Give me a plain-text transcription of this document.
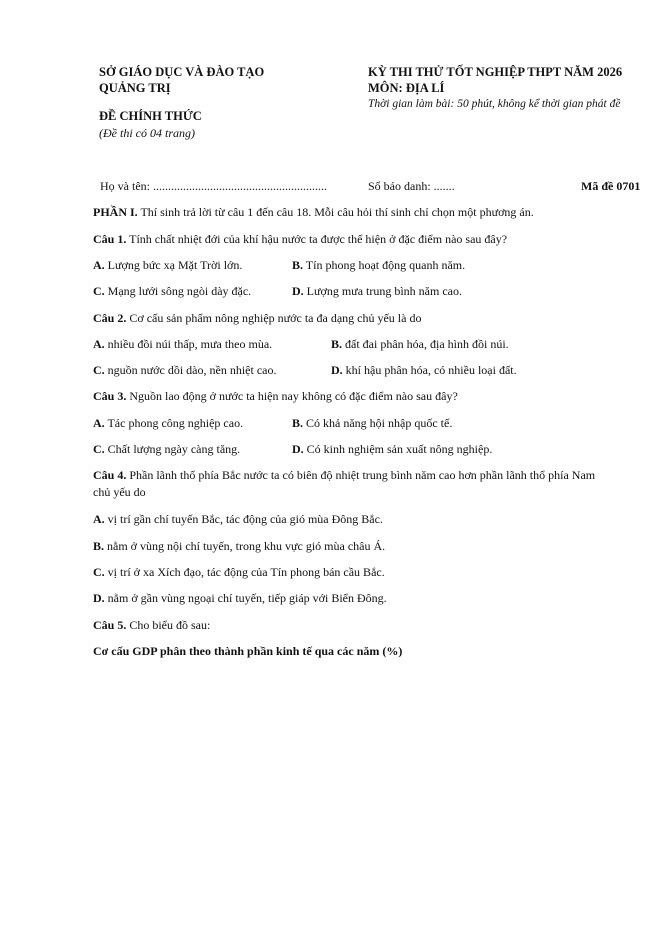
SỞ GIÁO DỤC VÀ ĐÀO TẠO
QUẢNG TRỊ
ĐỀ CHÍNH THỨC
(Đề thi có 04 trang)
KỲ THI THỬ TỐT NGHIỆP THPT NĂM 2026
MÔN: ĐỊA LÍ
Thời gian làm bài: 50 phút, không kể thời gian phát đề
Họ và tên: ..........................................................	Số báo danh: .......	Mã đề 0701
PHẦN I. Thí sinh trả lời từ câu 1 đến câu 18. Mỗi câu hỏi thí sinh chỉ chọn một phương án.
Câu 1. Tính chất nhiệt đới của khí hậu nước ta được thể hiện ở đặc điểm nào sau đây?
A. Lượng bức xạ Mặt Trời lớn.	B. Tín phong hoạt động quanh năm.
C. Mạng lưới sông ngòi dày đặc.	D. Lượng mưa trung bình năm cao.
Câu 2. Cơ cấu sản phẩm nông nghiệp nước ta đa dạng chủ yếu là do
A. nhiều đồi núi thấp, mưa theo mùa.	B. đất đai phân hóa, địa hình đồi núi.
C. nguồn nước dồi dào, nền nhiệt cao.	D. khí hậu phân hóa, có nhiều loại đất.
Câu 3. Nguồn lao động ở nước ta hiện nay không có đặc điểm nào sau đây?
A. Tác phong công nghiệp cao.	B. Có khả năng hội nhập quốc tế.
C. Chất lượng ngày càng tăng.	D. Có kinh nghiệm sản xuất nông nghiệp.
Câu 4. Phần lãnh thổ phía Bắc nước ta có biên độ nhiệt trung bình năm cao hơn phần lãnh thổ phía Nam chủ yếu do
A. vị trí gần chí tuyến Bắc, tác động của gió mùa Đông Bắc.
B. nằm ở vùng nội chí tuyến, trong khu vực gió mùa châu Á.
C. vị trí ở xa Xích đạo, tác động của Tín phong bán cầu Bắc.
D. nằm ở gần vùng ngoại chí tuyến, tiếp giáp với Biển Đông.
Câu 5. Cho biểu đồ sau:
Cơ cấu GDP phân theo thành phần kinh tế qua các năm (%)
